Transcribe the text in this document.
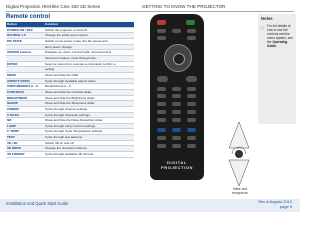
Digital Projection HIGHlite Cine 330 3D Series	GETTING TO KNOW THE PROJECTOR
Remote control
Button	Function
POWER ON / OFF	Switch the projector on and off.
SOURCE 1-5	Change the active input source.
PIC MUTE	Switch to low power mode; the fan speed and
	lamp power change.
ARROW buttons	Navigate up, down, left and right; increment and
	decrement values; cycle through lists.
ENTER	Select a menu item; execute a command; confirm a
	setting.
MENU	Show and hide the OSD.
ASPECT RATIO	Cycle through available aspect ratios.
USER MEMORY A - C	Recall Preset A - C.
CONTRAST	Show and hide the Contrast slider.
BRIGHTNESS	Show and hide the Brightness slider.
SHARP	Show and hide the Sharpness slider.
CINEMA	Cycle through Cinema settings.
V SCAN	Cycle through Overscan settings.
NR	Show and hide the Noise Reduction slider.
LAMP	Cycle through Lamp Control settings.
C TEMP	Cycle through Color Temperature settings.
TEST	Cycle through test patterns.
3D / 2D	Switch 3D on and off.
3D SWAP	Change the dominant channel.
3D FORMAT	Cycle through available 3D formats.
DIGITAL PROJECTION
Infra-red
receptors
Notes
☞ For full details of how to use the controls and the menu system, see the Operating Guide.
Installation and Quick Start Guide	Rev A August 2012
page 9
